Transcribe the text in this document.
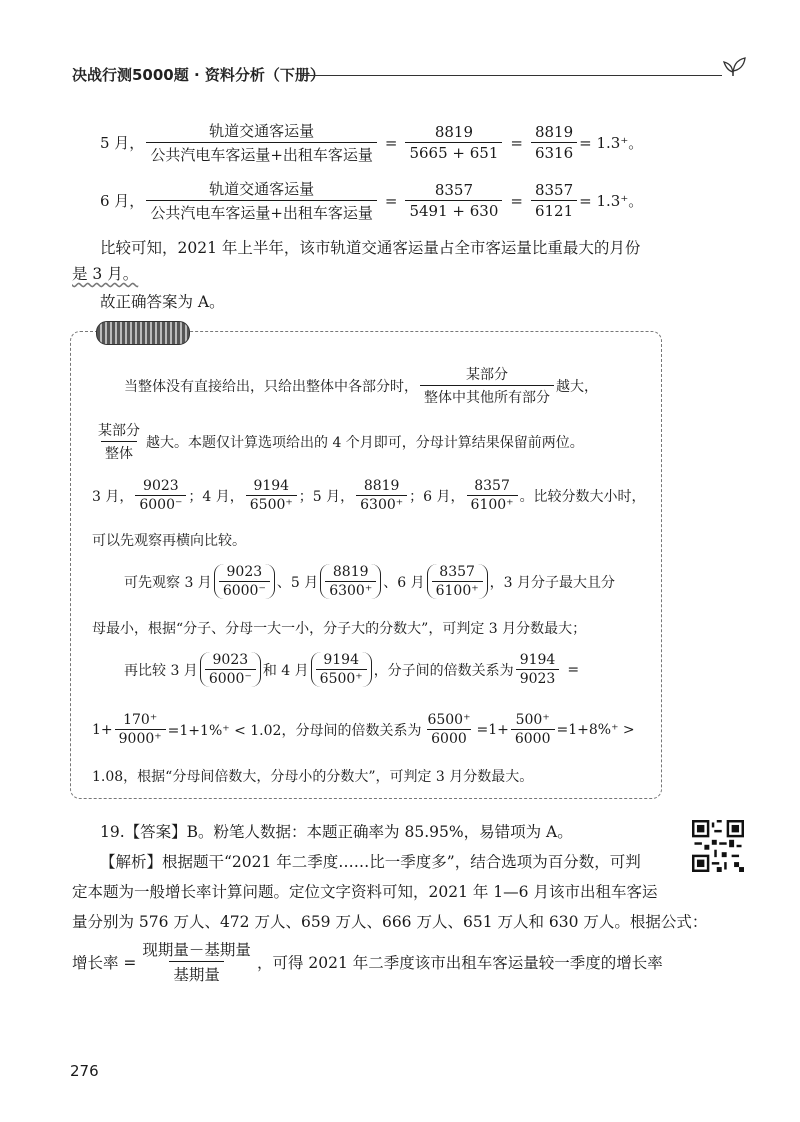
决战行测5000题 · 资料分析（下册）
5 月， $\frac{\text{轨道交通客运量}}{\text{公共汽电车客运量+出租车客运量}} = \frac{8819}{5665 + 651} = \frac{8819}{6316} = 1.3^+$。
6 月， $\frac{\text{轨道交通客运量}}{\text{公共汽电车客运量+出租车客运量}} = \frac{8357}{5491 + 630} = \frac{8357}{6121} = 1.3^+$。
比较可知，2021 年上半年，该市轨道交通客运量占全市客运量比重最大的月份
是 3 月。
故正确答案为 A。
当整体没有直接给出，只给出整体中各部分时， $\frac{\text{某部分}}{\text{整体中其他所有部分}}$ 越大，
$\frac{\text{某部分}}{\text{整体}}$ 越大。本题仅计算选项给出的 4 个月即可，分母计算结果保留前两位。
3 月， $\frac{9023}{6000^-}$ ； 4 月， $\frac{9194}{6500^+}$ ； 5 月， $\frac{8819}{6300^+}$ ； 6 月， $\frac{8357}{6100^+}$ 。比较分数大小时，
可以先观察再横向比较。
可先观察 3 月 $\frac{9023}{6000^-}$ 、5 月 $\frac{8819}{6300^+}$ 、6 月 $\frac{8357}{6100^+}$ ，3 月分子最大且分
母最小，根据“分子、分母一大一小，分子大的分数大”，可判定 3 月分数最大；
再比较 3 月 $\frac{9023}{6000^-}$ 和 4 月 $\frac{9194}{6500^+}$ ，分子间的倍数关系为 $\frac{9194}{9023}$ =
$1+ \frac{170^+}{9000^+} =1+1\%^+ < 1.02$，分母间的倍数关系为 $\frac{6500^+}{6000} =1+ \frac{500^+}{6000} =1+8\%^+$ >
1.08，根据“分母间倍数大，分母小的分数大”，可判定 3 月分数最大。
19.【答案】B。粉笔人数据：本题正确率为 85.95%，易错项为 A。
【解析】根据题干“2021 年二季度……比一季度多”，结合选项为百分数，可判
定本题为一般增长率计算问题。定位文字资料可知，2021 年 1—6 月该市出租车客运
量分别为 576 万人、472 万人、659 万人、666 万人、651 万人和 630 万人。根据公式：
增长率 = $\frac{\text{现期量－基期量}}{\text{基期量}}$ ，可得 2021 年二季度该市出租车客运量较一季度的增长率
276
